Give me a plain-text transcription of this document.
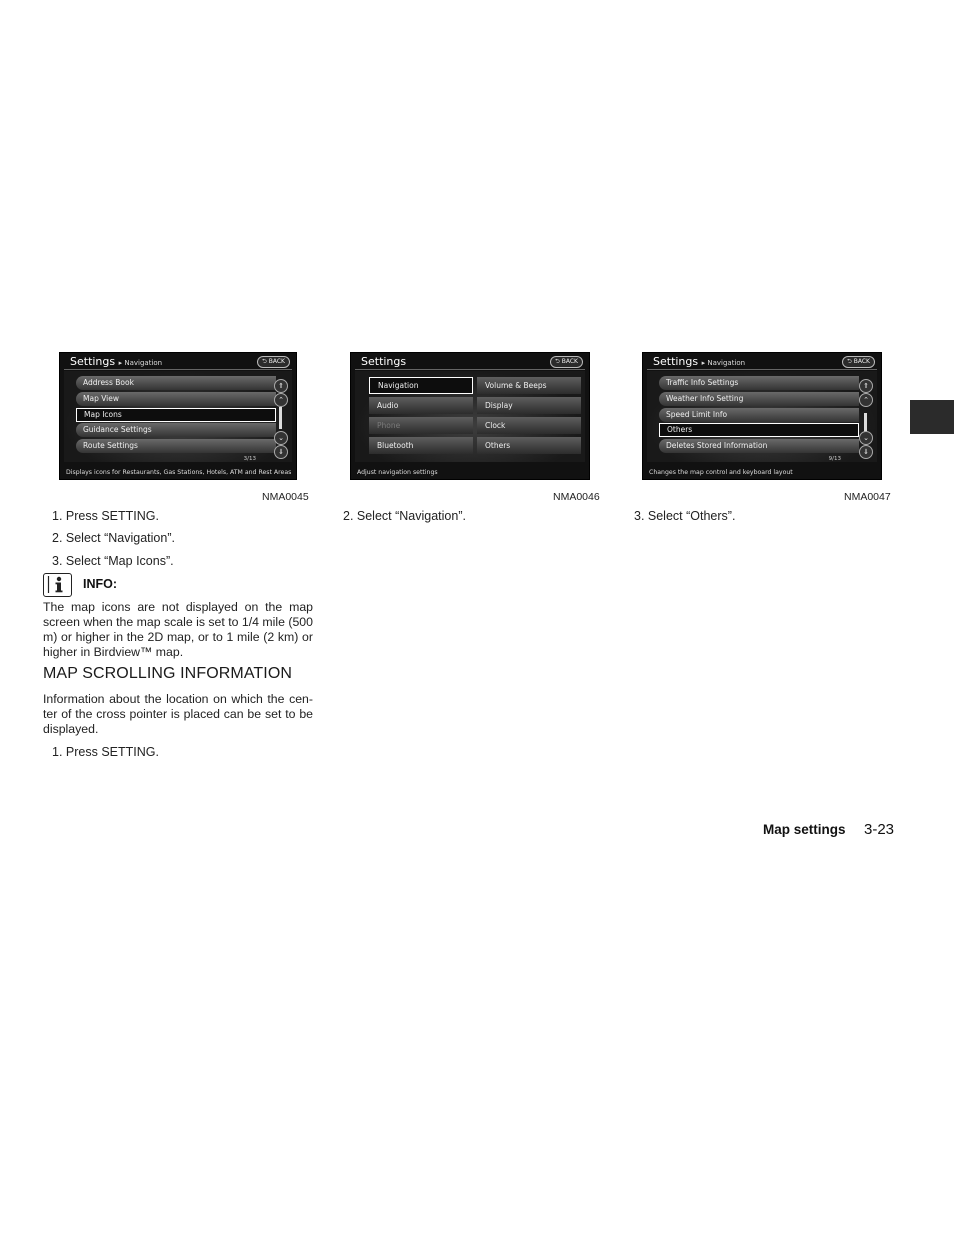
Settings ▸ Navigation	⮌ BACK
Address Book
Map View
Map Icons
Guidance Settings
Route Settings
3/13
⇑
⌃
⌄
⇓
Displays icons for Restaurants, Gas Stations, Hotels, ATM and Rest Areas
NMA0045
Settings	⮌ BACK
Navigation	Volume & Beeps
Audio	Display
Phone	Clock
Bluetooth	Others
Adjust navigation settings
NMA0046
Settings ▸ Navigation	⮌ BACK
Traffic Info Settings
Weather Info Setting
Speed Limit Info
Others
Deletes Stored Information
9/13
⇑
⌃
⌄
⇓
Changes the map control and keyboard layout
NMA0047
1. Press SETTING.
2. Select “Navigation”.
3. Select “Map Icons”.
INFO:
The map icons are not displayed on the map screen when the map scale is set to 1/4 mile (500 m) or higher in the 2D map, or to 1 mile (2 km) or higher in Birdview™ map.
MAP SCROLLING INFORMATION
Information about the location on which the cen-ter of the cross pointer is placed can be set to be displayed.
1. Press SETTING.
2. Select “Navigation”.	3. Select “Others”.
Map settings 3-23
